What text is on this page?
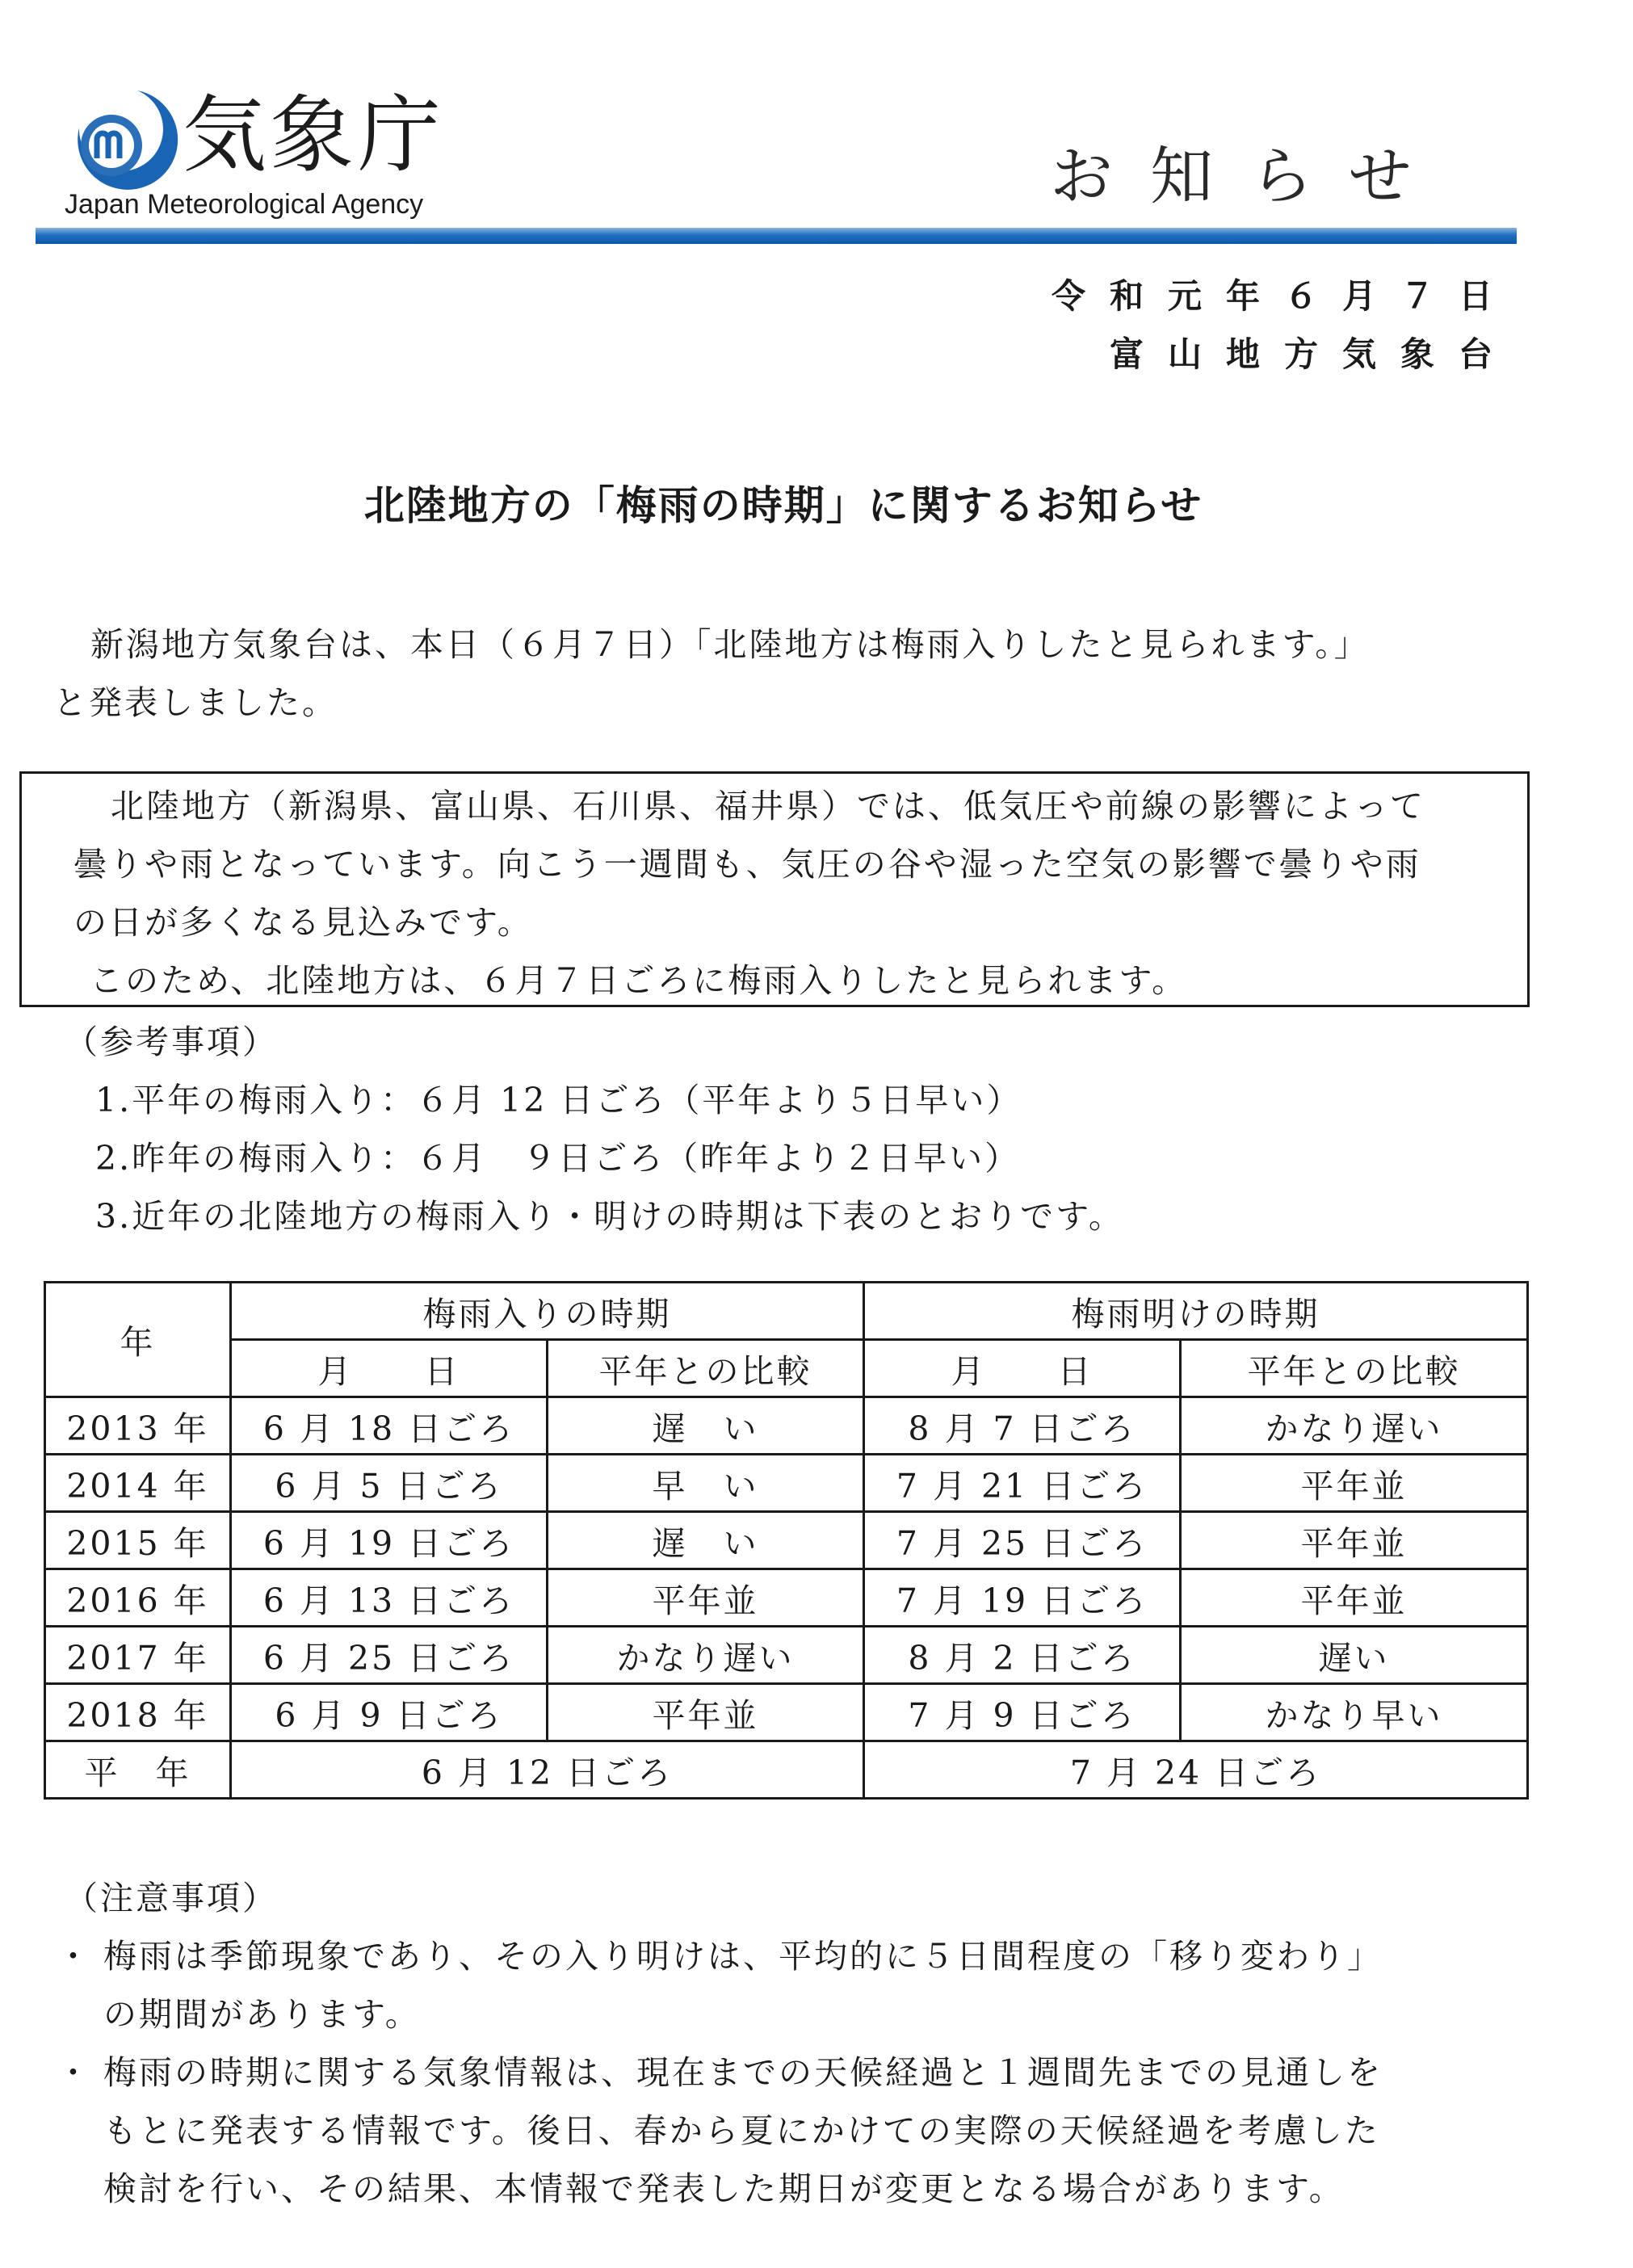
気象庁
Japan Meteorological Agency	お知らせ
令和元年６月７日
富山地方気象台
北陸地方の「梅雨の時期」に関するお知らせ
新潟地方気象台は、本日（６月７日）「北陸地方は梅雨入りしたと見られます。」
と発表しました。
北陸地方（新潟県、富山県、石川県、福井県）では、低気圧や前線の影響によって
曇りや雨となっています。向こう一週間も、気圧の谷や湿った空気の影響で曇りや雨
の日が多くなる見込みです。
このため、北陸地方は、６月７日ごろに梅雨入りしたと見られます。
（参考事項）
1.平年の梅雨入り：６月 12 日ごろ（平年より５日早い）
2.昨年の梅雨入り：６月　９日ごろ（昨年より２日早い）
3.近年の北陸地方の梅雨入り・明けの時期は下表のとおりです。
年	梅雨入りの時期		梅雨明けの時期	
	月　　日	平年との比較	月　　日	平年との比較
2013 年	6 月 18 日ごろ	遅　い	8 月 7 日ごろ	かなり遅い
2014 年	6 月 5 日ごろ	早　い	7 月 21 日ごろ	平年並
2015 年	6 月 19 日ごろ	遅　い	7 月 25 日ごろ	平年並
2016 年	6 月 13 日ごろ	平年並	7 月 19 日ごろ	平年並
2017 年	6 月 25 日ごろ	かなり遅い	8 月 2 日ごろ	遅い
2018 年	6 月 9 日ごろ	平年並	7 月 9 日ごろ	かなり早い
平　年	6 月 12 日ごろ		7 月 24 日ごろ	
（注意事項）
・ 梅雨は季節現象であり、その入り明けは、平均的に５日間程度の「移り変わり」
の期間があります。
・ 梅雨の時期に関する気象情報は、現在までの天候経過と１週間先までの見通しを
もとに発表する情報です。後日、春から夏にかけての実際の天候経過を考慮した
検討を行い、その結果、本情報で発表した期日が変更となる場合があります。
